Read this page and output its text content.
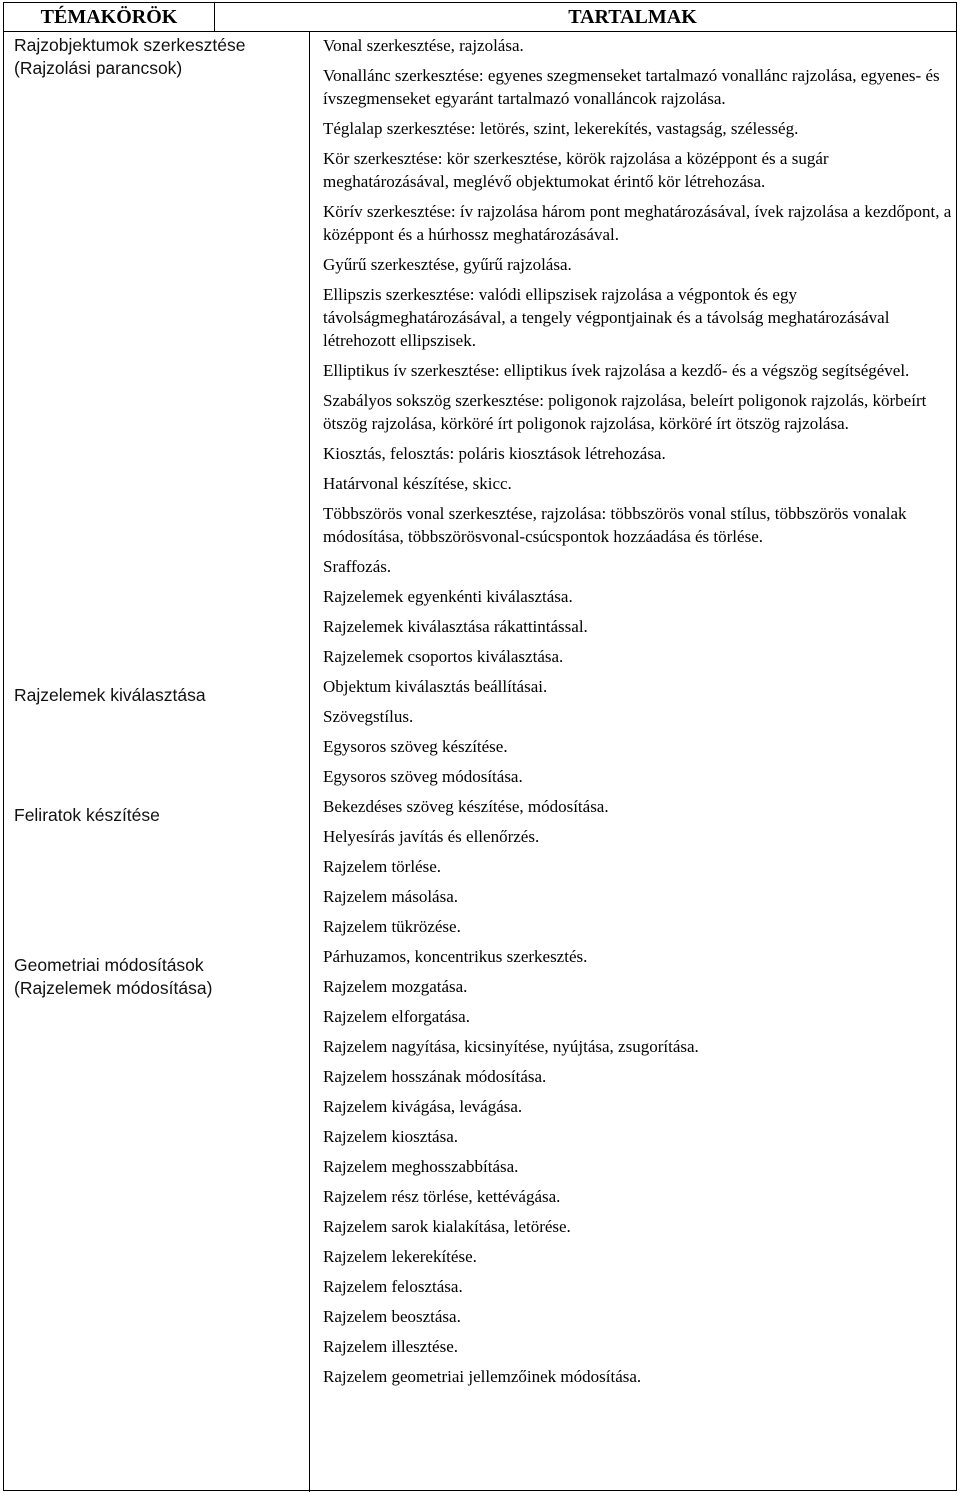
TÉMAKÖRÖK	TARTALMAK
Rajzobjektumok szerkesztése
(Rajzolási parancsok)
Rajzelemek kiválasztása
Feliratok készítése
Geometriai módosítások
(Rajzelemek módosítása)
Vonal szerkesztése, rajzolása.
Vonallánc szerkesztése: egyenes szegmenseket tartalmazó vonallánc rajzolása, egyenes- és ívszegmenseket egyaránt tartalmazó vonalláncok rajzolása.
Téglalap szerkesztése: letörés, szint, lekerekítés, vastagság, szélesség.
Kör szerkesztése: kör szerkesztése, körök rajzolása a középpont és a sugár meghatározásával, meglévő objektumokat érintő kör létrehozása.
Körív szerkesztése: ív rajzolása három pont meghatározásával, ívek rajzolása a kezdőpont, a középpont és a húrhossz meghatározásával.
Gyűrű szerkesztése, gyűrű rajzolása.
Ellipszis szerkesztése: valódi ellipszisek rajzolása a végpontok és egy távolságmeghatározásával, a tengely végpontjainak és a távolság meghatározásával létrehozott ellipszisek.
Elliptikus ív szerkesztése: elliptikus ívek rajzolása a kezdő- és a végszög segítségével.
Szabályos sokszög szerkesztése: poligonok rajzolása, beleírt poligonok rajzolás, körbeírt ötszög rajzolása, körköré írt poligonok rajzolása, körköré írt ötszög rajzolása.
Kiosztás, felosztás: poláris kiosztások létrehozása.
Határvonal készítése, skicc.
Többszörös vonal szerkesztése, rajzolása: többszörös vonal stílus, többszörös vonalak módosítása, többszörösvonal-csúcspontok hozzáadása és törlése.
Sraffozás.
Rajzelemek egyenkénti kiválasztása.
Rajzelemek kiválasztása rákattintással.
Rajzelemek csoportos kiválasztása.
Objektum kiválasztás beállításai.
Szövegstílus.
Egysoros szöveg készítése.
Egysoros szöveg módosítása.
Bekezdéses szöveg készítése, módosítása.
Helyesírás javítás és ellenőrzés.
Rajzelem törlése.
Rajzelem másolása.
Rajzelem tükrözése.
Párhuzamos, koncentrikus szerkesztés.
Rajzelem mozgatása.
Rajzelem elforgatása.
Rajzelem nagyítása, kicsinyítése, nyújtása, zsugorítása.
Rajzelem hosszának módosítása.
Rajzelem kivágása, levágása.
Rajzelem kiosztása.
Rajzelem meghosszabbítása.
Rajzelem rész törlése, kettévágása.
Rajzelem sarok kialakítása, letörése.
Rajzelem lekerekítése.
Rajzelem felosztása.
Rajzelem beosztása.
Rajzelem illesztése.
Rajzelem geometriai jellemzőinek módosítása.
